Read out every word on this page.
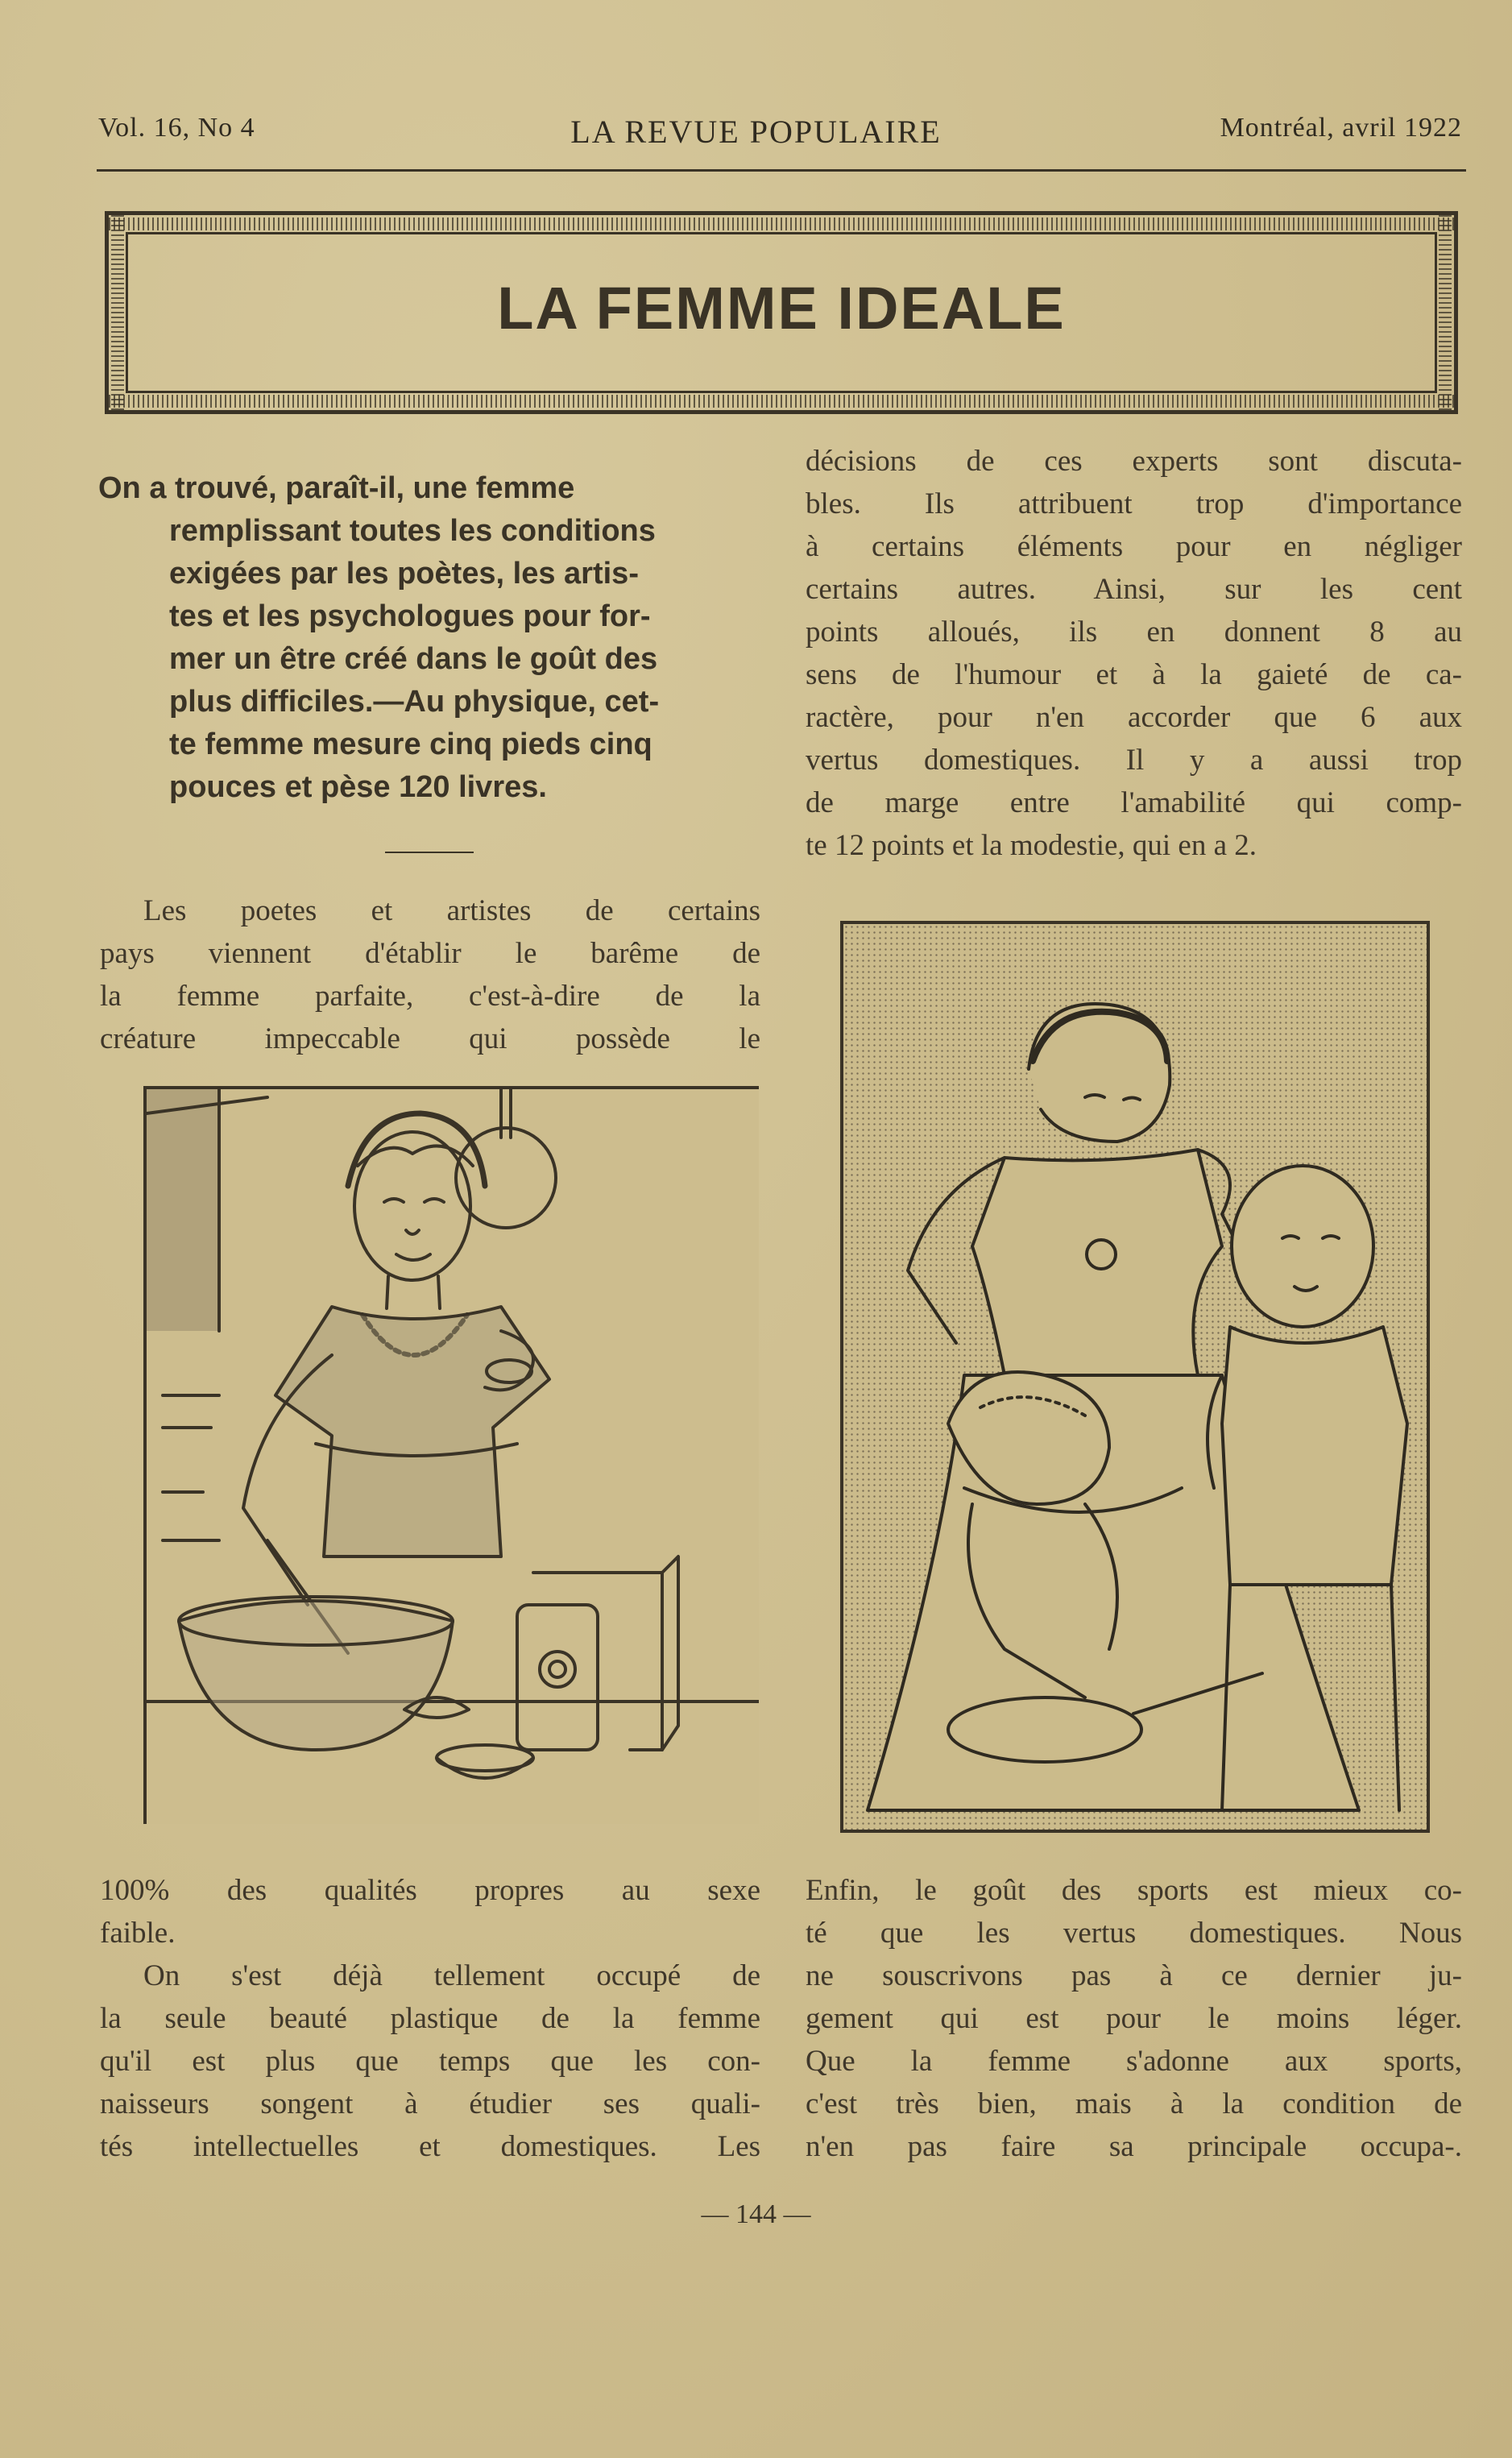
Vol. 16, No 4	LA REVUE POPULAIRE	Montréal, avril 1922
LA FEMME IDEALE
On a trouvé, paraît-il, une femme
remplissant toutes les conditions
exigées par les poètes, les artis-
tes et les psychologues pour for-
mer un être créé dans le goût des
plus difficiles.—Au physique, cet-
te femme mesure cinq pieds cinq
pouces et pèse 120 livres.
Les poetes et artistes de certains
pays viennent d'établir le barême de
la femme parfaite, c'est-à-dire de la
créature impeccable qui possède le
décisions de ces experts sont discuta-
bles. Ils attribuent trop d'importance
à certains éléments pour en négliger
certains autres. Ainsi, sur les cent
points alloués, ils en donnent 8 au
sens de l'humour et à la gaieté de ca-
ractère, pour n'en accorder que 6 aux
vertus domestiques. Il y a aussi trop
de marge entre l'amabilité qui comp-
te 12 points et la modestie, qui en a 2.
100% des qualités propres au sexe
faible.
On s'est déjà tellement occupé de
la seule beauté plastique de la femme
qu'il est plus que temps que les con-
naisseurs songent à étudier ses quali-
tés intellectuelles et domestiques. Les
Enfin, le goût des sports est mieux co-
té que les vertus domestiques. Nous
ne souscrivons pas à ce dernier ju-
gement qui est pour le moins léger.
Que la femme s'adonne aux sports,
c'est très bien, mais à la condition de
n'en pas faire sa principale occupa-.
— 144 —
